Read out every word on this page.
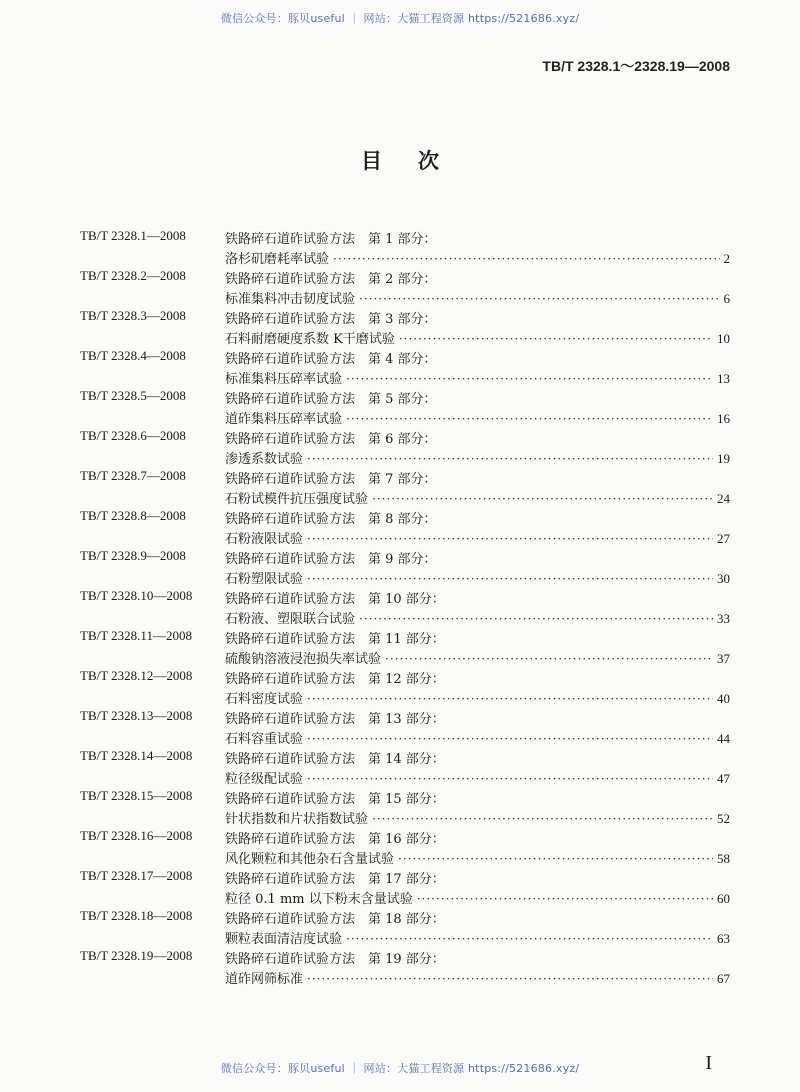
微信公众号：豚贝useful ｜ 网站：大猫工程资源 https://521686.xyz/
TB/T 2328.1～2328.19—2008
目次
TB/T 2328.1—2008	铁路碎石道砟试验方法　第 1 部分：
洛杉矶磨耗率试验 ·····	2
TB/T 2328.2—2008	铁路碎石道砟试验方法　第 2 部分：
标准集料冲击韧度试验 ·····	6
TB/T 2328.3—2008	铁路碎石道砟试验方法　第 3 部分：
石料耐磨硬度系数 K干磨试验 ·····	10
TB/T 2328.4—2008	铁路碎石道砟试验方法　第 4 部分：
标准集料压碎率试验 ·····	13
TB/T 2328.5—2008	铁路碎石道砟试验方法　第 5 部分：
道砟集料压碎率试验 ·····	16
TB/T 2328.6—2008	铁路碎石道砟试验方法　第 6 部分：
渗透系数试验 ·····	19
TB/T 2328.7—2008	铁路碎石道砟试验方法　第 7 部分：
石粉试模件抗压强度试验 ·····	24
TB/T 2328.8—2008	铁路碎石道砟试验方法　第 8 部分：
石粉液限试验 ·····	27
TB/T 2328.9—2008	铁路碎石道砟试验方法　第 9 部分：
石粉塑限试验 ·····	30
TB/T 2328.10—2008	铁路碎石道砟试验方法　第 10 部分：
石粉液、塑限联合试验 ·····	33
TB/T 2328.11—2008	铁路碎石道砟试验方法　第 11 部分：
硫酸钠溶液浸泡损失率试验 ·····	37
TB/T 2328.12—2008	铁路碎石道砟试验方法　第 12 部分：
石料密度试验 ·····	40
TB/T 2328.13—2008	铁路碎石道砟试验方法　第 13 部分：
石料容重试验 ·····	44
TB/T 2328.14—2008	铁路碎石道砟试验方法　第 14 部分：
粒径级配试验 ·····	47
TB/T 2328.15—2008	铁路碎石道砟试验方法　第 15 部分：
针状指数和片状指数试验 ·····	52
TB/T 2328.16—2008	铁路碎石道砟试验方法　第 16 部分：
风化颗粒和其他杂石含量试验 ·····	58
TB/T 2328.17—2008	铁路碎石道砟试验方法　第 17 部分：
粒径 0.1 mm 以下粉末含量试验 ·····	60
TB/T 2328.18—2008	铁路碎石道砟试验方法　第 18 部分：
颗粒表面清洁度试验 ·····	63
TB/T 2328.19—2008	铁路碎石道砟试验方法　第 19 部分：
道砟网筛标准 ·····	67
I
微信公众号：豚贝useful ｜ 网站：大猫工程资源 https://521686.xyz/
